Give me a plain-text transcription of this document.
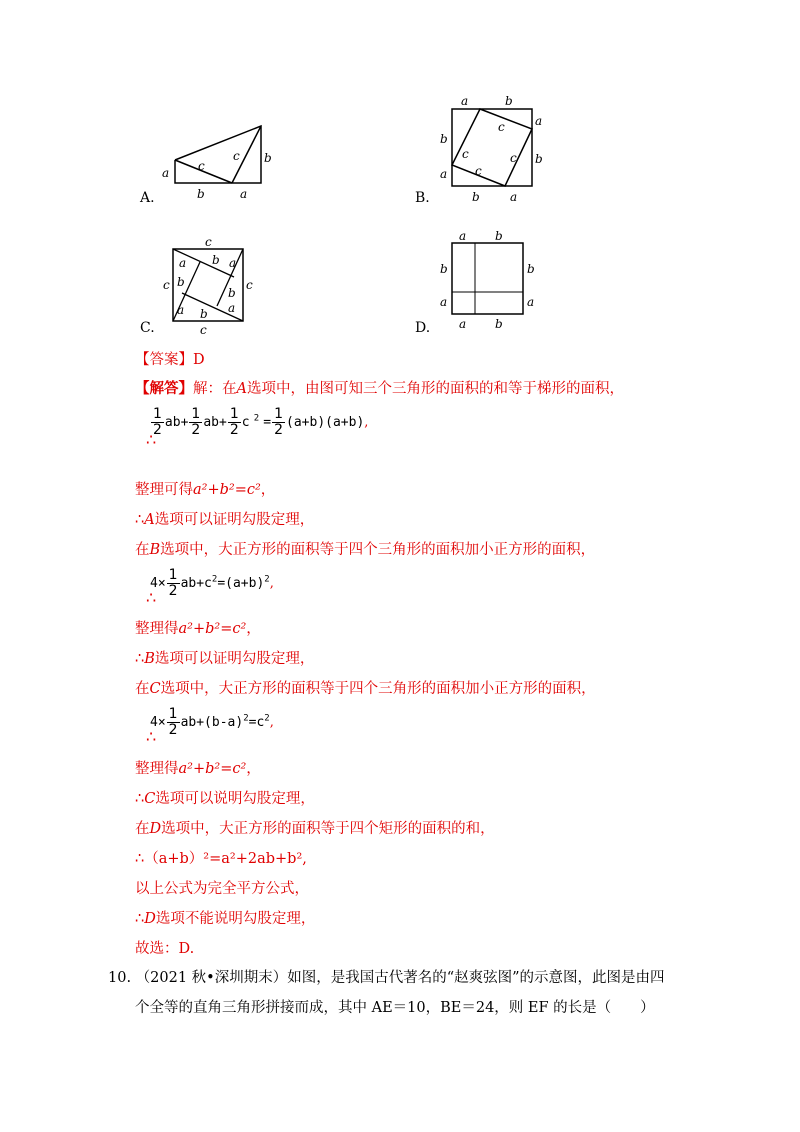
a c
c b
b	a
A.
a	b
a
b
b
a
b	a
c
c
c
c
B.
c
c	c
c
a b a
b
b
a
a b
C.
a b
b	b
a	a
a b
D.
【答案】D
【解答】解：在A选项中，由图可知三个三角形的面积的和等于梯形的面积，
$\frac{1}{2} ab+ \frac{1}{2} ab+ \frac{1}{2}$ c $^2 = \frac{1}{2} (a+b)(a+b)$,
∴
整理可得a²+b²=c²，
∴A选项可以证明勾股定理，
在B选项中，大正方形的面积等于四个三角形的面积加小正方形的面积，
$4\times \frac{1}{2} ab+c^2=(a+b)^2$,
∴
整理得a²+b²=c²，
∴B选项可以证明勾股定理，
在C选项中，大正方形的面积等于四个三角形的面积加小正方形的面积，
$4\times \frac{1}{2} ab+(b-a)^2=c^2$,
∴
整理得a²+b²=c²，
∴C选项可以说明勾股定理，
在D选项中，大正方形的面积等于四个矩形的面积的和，
∴（a+b）²=a²+2ab+b²,
以上公式为完全平方公式，
∴D选项不能说明勾股定理，
故选：D.
10. （2021 秋•深圳期末）如图，是我国古代著名的“赵爽弦图”的示意图，此图是由四
个全等的直角三角形拼接而成，其中 AE＝10，BE＝24，则 EF 的长是（　　）
